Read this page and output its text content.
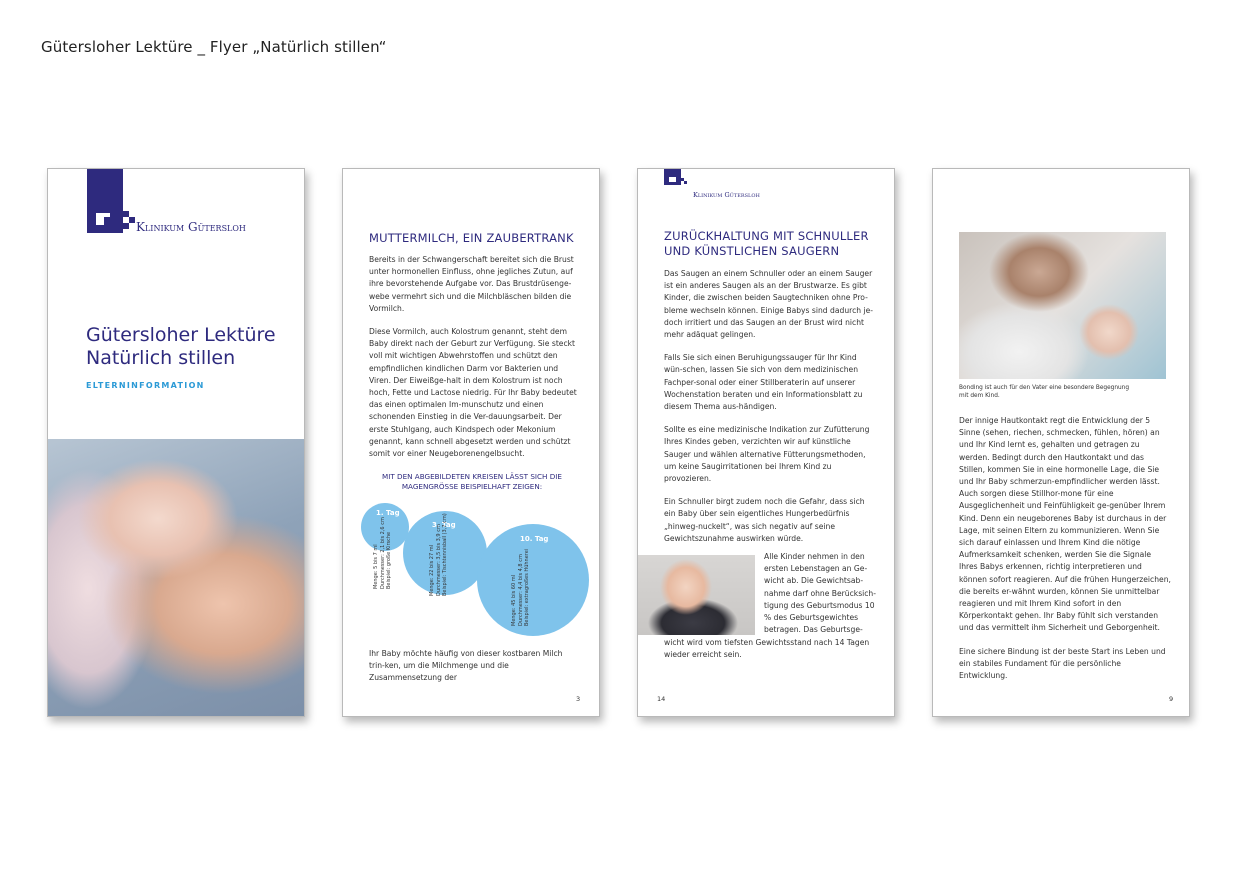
Gütersloher Lektüre _ Flyer „Natürlich stillen“
Klinikum Gütersloh
Gütersloher Lektüre
Natürlich stillen
ELTERNINFORMATION
MUTTERMILCH, EIN ZAUBERTRANK

Bereits in der Schwangerschaft bereitet sich die Brust unter hormonellen Einfluss, ohne jegliches Zutun, auf ihre bevorstehende Aufgabe vor. Das Brustdrüsenge-webe vermehrt sich und die Milchbläschen bilden die Vormilch.

Diese Vormilch, auch Kolostrum genannt, steht dem Baby direkt nach der Geburt zur Verfügung. Sie steckt voll mit wichtigen Abwehrstoffen und schützt den empfindlichen kindlichen Darm vor Bakterien und Viren. Der Eiweißge-halt in dem Kolostrum ist noch hoch, Fette und Lactose niedrig. Für Ihr Baby bedeutet das einen optimalen Im-munschutz und einen schonenden Einstieg in die Ver-dauungsarbeit. Der erste Stuhlgang, auch Kindspech oder Mekonium genannt, kann schnell abgesetzt werden und schützt somit vor einer Neugeborenengelbsucht.

MIT DEN ABGEBILDETEN KREISEN LÄSST SICH DIE
MAGENGRÖSSE BEISPIELHAFT ZEIGEN:
1. Tag
Menge: 5 bis 7 ml Durchmesser: 2,1 bis 2,6 cm Beispiel: große Kirsche
3. Tag
Menge: 22 bis 27 ml Durchmesser: 3,5 bis 3,9 cm Beispiel: Tischtennisball (3,7 cm)	10. Tag
Menge: 45 bis 60 ml Durchmesser: 4,4 bis 4,8 cm Beispiel: extragroßes Hühnerei
Ihr Baby möchte häufig von dieser kostbaren Milch trin-ken, um die Milchmenge und die Zusammensetzung der
3
Klinikum Gütersloh
ZURÜCKHALTUNG MIT SCHNULLER
UND KÜNSTLICHEN SAUGERN

Das Saugen an einem Schnuller oder an einem Sauger ist ein anderes Saugen als an der Brustwarze. Es gibt Kinder, die zwischen beiden Saugtechniken ohne Pro-bleme wechseln können. Einige Babys sind dadurch je-doch irritiert und das Saugen an der Brust wird nicht mehr adäquat gelingen.

Falls Sie sich einen Beruhigungssauger für Ihr Kind wün-schen, lassen Sie sich von dem medizinischen Fachper-sonal oder einer Stillberaterin auf unserer Wochenstation beraten und ein Informationsblatt zu diesem Thema aus-händigen.

Sollte es eine medizinische Indikation zur Zufütterung Ihres Kindes geben, verzichten wir auf künstliche Sauger und wählen alternative Fütterungsmethoden, um keine Saugirritationen bei Ihrem Kind zu provozieren.

Ein Schnuller birgt zudem noch die Gefahr, dass sich ein Baby über sein eigentliches Hungerbedürfnis „hinweg-nuckelt“, was sich negativ auf seine Gewichtszunahme auswirken würde.

Alle Kinder nehmen in den ersten Lebenstagen an Ge-wicht ab. Die Gewichtsab-nahme darf ohne Berücksich-tigung des Geburtsmodus 10 % des Geburtsgewichtes betragen. Das Geburtsge-
wicht wird vom tiefsten Gewichtsstand nach 14 Tagen wieder erreicht sein.
14
Bonding ist auch für den Vater eine besondere Begegnung
mit dem Kind.

Der innige Hautkontakt regt die Entwicklung der 5 Sinne (sehen, riechen, schmecken, fühlen, hören) an und Ihr Kind lernt es, gehalten und getragen zu werden. Bedingt durch den Hautkontakt und das Stillen, kommen Sie in eine hormonelle Lage, die Sie und Ihr Baby schmerzun-empfindlicher werden lässt. Auch sorgen diese Stillhor-mone für eine Ausgeglichenheit und Feinfühligkeit ge-genüber Ihrem Kind. Denn ein neugeborenes Baby ist durchaus in der Lage, mit seinen Eltern zu kommunizieren. Wenn Sie sich darauf einlassen und Ihrem Kind die nötige Aufmerksamkeit schenken, werden Sie die Signale Ihres Babys erkennen, richtig interpretieren und können sofort reagieren. Auf die frühen Hungerzeichen, die bereits er-wähnt wurden, können Sie unmittelbar reagieren und mit Ihrem Kind sofort in den Körperkontakt gehen. Ihr Baby fühlt sich verstanden und das vermittelt ihm Sicherheit und Geborgenheit.

Eine sichere Bindung ist der beste Start ins Leben und ein stabiles Fundament für die persönliche Entwicklung.

9
